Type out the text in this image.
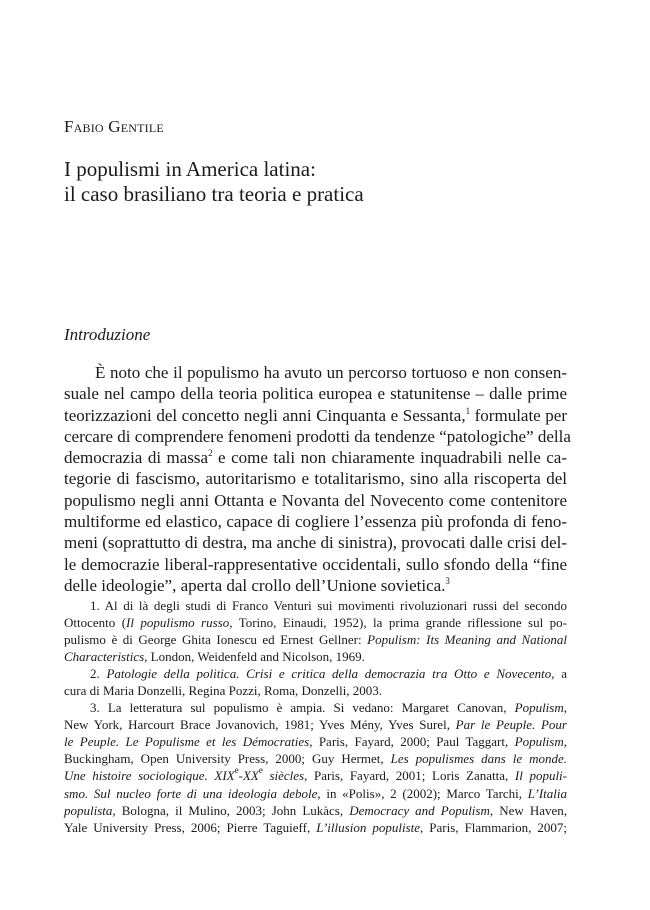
Fabio Gentile
I populismi in America latina:
il caso brasiliano tra teoria e pratica
Introduzione
È noto che il populismo ha avuto un percorso tortuoso e non consen-
suale nel campo della teoria politica europea e statunitense – dalle prime
teorizzazioni del concetto negli anni Cinquanta e Sessanta,$^1$ formulate per
cercare di comprendere fenomeni prodotti da tendenze “patologiche” della
democrazia di massa$^2$ e come tali non chiaramente inquadrabili nelle ca-
tegorie di fascismo, autoritarismo e totalitarismo, sino alla riscoperta del
populismo negli anni Ottanta e Novanta del Novecento come contenitore
multiforme ed elastico, capace di cogliere l’essenza più profonda di feno-
meni (soprattutto di destra, ma anche di sinistra), provocati dalle crisi del-
le democrazie liberal-rappresentative occidentali, sullo sfondo della “fine
delle ideologie”, aperta dal crollo dell’Unione sovietica.$^3$
1. Al di là degli studi di Franco Venturi sui movimenti rivoluzionari russi del secondo
Ottocento (Il populismo russo, Torino, Einaudi, 1952), la prima grande riflessione sul po-
pulismo è di George Ghita Ionescu ed Ernest Gellner: Populism: Its Meaning and National
Characteristics, London, Weidenfeld and Nicolson, 1969.
2. Patologie della politica. Crisi e critica della democrazia tra Otto e Novecento, a
cura di Maria Donzelli, Regina Pozzi, Roma, Donzelli, 2003.
3. La letteratura sul populismo è ampia. Si vedano: Margaret Canovan, Populism,
New York, Harcourt Brace Jovanovich, 1981; Yves Mény, Yves Surel, Par le Peuple. Pour
le Peuple. Le Populisme et les Démocraties, Paris, Fayard, 2000; Paul Taggart, Populism,
Buckingham, Open University Press, 2000; Guy Hermet, Les populismes dans le monde.
Une histoire sociologique. XIXe-XXe siècles, Paris, Fayard, 2001; Loris Zanatta, Il populi-
smo. Sul nucleo forte di una ideologia debole, in «Polis», 2 (2002); Marco Tarchi, L’Italia
populista, Bologna, il Mulino, 2003; John Lukàcs, Democracy and Populism, New Haven,
Yale University Press, 2006; Pierre Taguieff, L’illusion populiste, Paris, Flammarion, 2007;
